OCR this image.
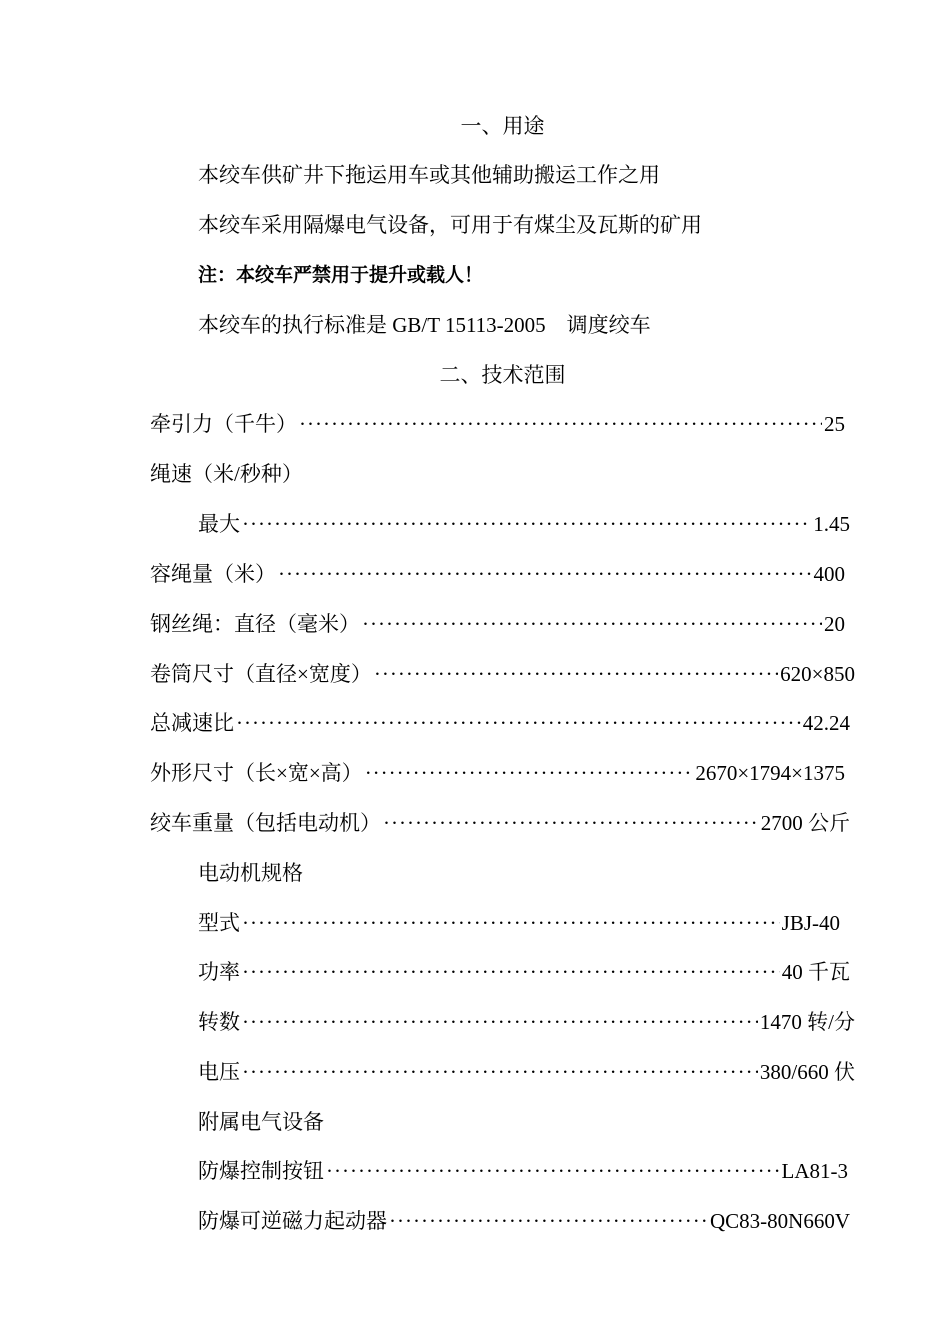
一、用途
本绞车供矿井下拖运用车或其他辅助搬运工作之用
本绞车采用隔爆电气设备，可用于有煤尘及瓦斯的矿用
注：本绞车严禁用于提升或载人！
本绞车的执行标准是 GB/T 15113-2005　调度绞车
二、技术范围
牵引力（千牛） ·····	25
绳速（米/秒种）
最大 ·····	1.45
容绳量（米） ·····	400
钢丝绳：直径（毫米） ·····	20
卷筒尺寸（直径×宽度） ·····	620×850
总减速比 ·····	42.24
外形尺寸（长×宽×高） ·····	2670×1794×1375
绞车重量（包括电动机） ·····	2700 公斤
电动机规格
型式 ·····	JBJ-40
功率 ·····	40 千瓦
转数 ·····	1470 转/分
电压 ·····	380/660 伏
附属电气设备
防爆控制按钮 ·····	LA81-3
防爆可逆磁力起动器 ·····	QC83-80N660V
